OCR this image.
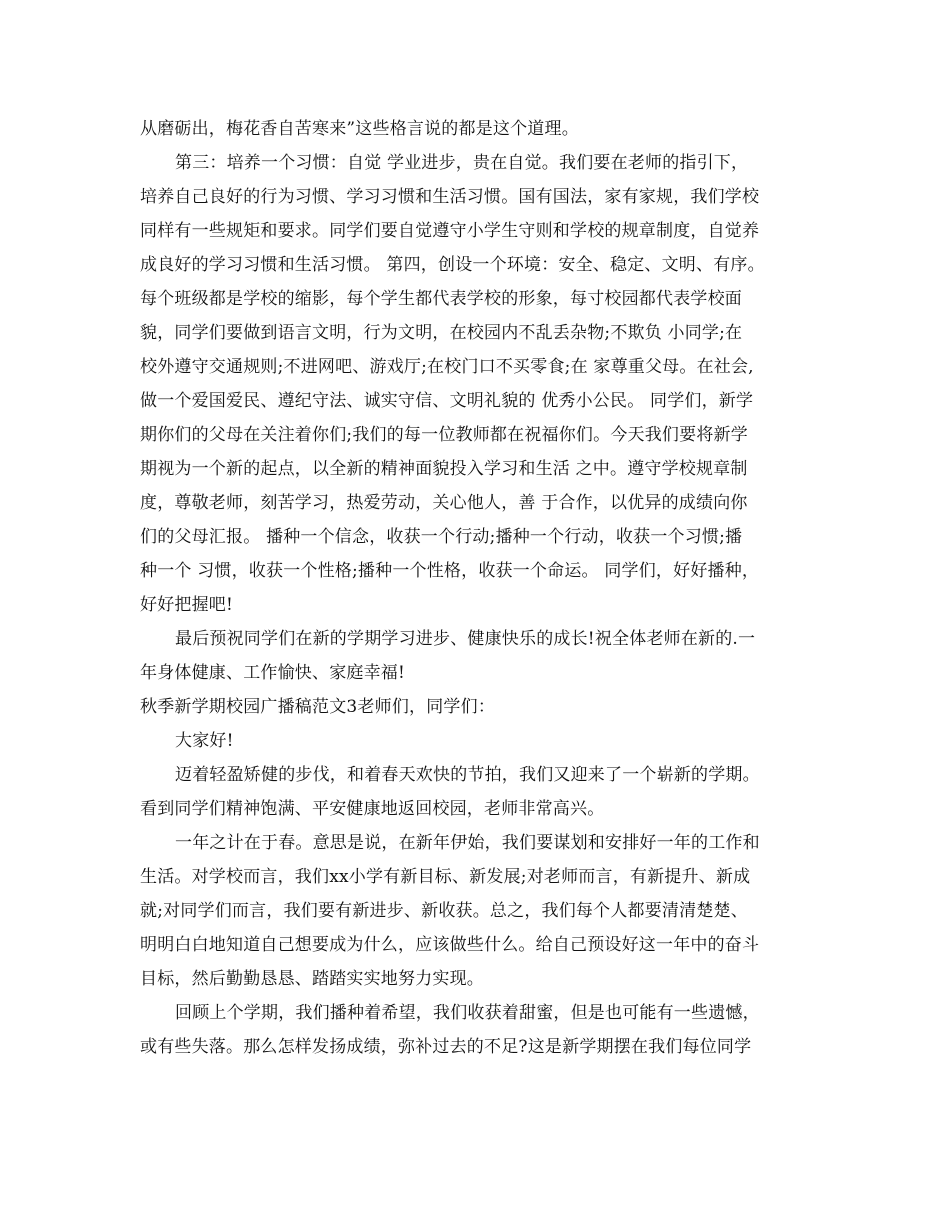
从磨砺出，梅花香自苦寒来”这些格言说的都是这个道理。
第三：培养一个习惯：自觉 学业进步，贵在自觉。我们要在老师的指引下，
培养自己良好的行为习惯、学习习惯和生活习惯。国有国法，家有家规，我们学校
同样有一些规矩和要求。同学们要自觉遵守小学生守则和学校的规章制度，自觉养
成良好的学习习惯和生活习惯。 第四，创设一个环境：安全、稳定、文明、有序。
每个班级都是学校的缩影，每个学生都代表学校的形象，每寸校园都代表学校面
貌，同学们要做到语言文明，行为文明，在校园内不乱丢杂物;不欺负 小同学;在
校外遵守交通规则;不进网吧、游戏厅;在校门口不买零食;在 家尊重父母。在社会,
做一个爱国爱民、遵纪守法、诚实守信、文明礼貌的 优秀小公民。 同学们，新学
期你们的父母在关注着你们;我们的每一位教师都在祝福你们。今天我们要将新学
期视为一个新的起点，以全新的精神面貌投入学习和生活 之中。遵守学校规章制
度，尊敬老师，刻苦学习，热爱劳动，关心他人，善 于合作，以优异的成绩向你
们的父母汇报。 播种一个信念，收获一个行动;播种一个行动，收获一个习惯;播
种一个 习惯，收获一个性格;播种一个性格，收获一个命运。 同学们，好好播种，
好好把握吧!
最后预祝同学们在新的学期学习进步、健康快乐的成长!祝全体老师在新的.一
年身体健康、工作愉快、家庭幸福!
秋季新学期校园广播稿范文3老师们，同学们：
大家好!
迈着轻盈矫健的步伐，和着春天欢快的节拍，我们又迎来了一个崭新的学期。
看到同学们精神饱满、平安健康地返回校园，老师非常高兴。
一年之计在于春。意思是说，在新年伊始，我们要谋划和安排好一年的工作和
生活。对学校而言，我们xx小学有新目标、新发展;对老师而言，有新提升、新成
就;对同学们而言，我们要有新进步、新收获。总之，我们每个人都要清清楚楚、
明明白白地知道自己想要成为什么，应该做些什么。给自己预设好这一年中的奋斗
目标，然后勤勤恳恳、踏踏实实地努力实现。
回顾上个学期，我们播种着希望，我们收获着甜蜜，但是也可能有一些遗憾，
或有些失落。那么怎样发扬成绩，弥补过去的不足?这是新学期摆在我们每位同学
